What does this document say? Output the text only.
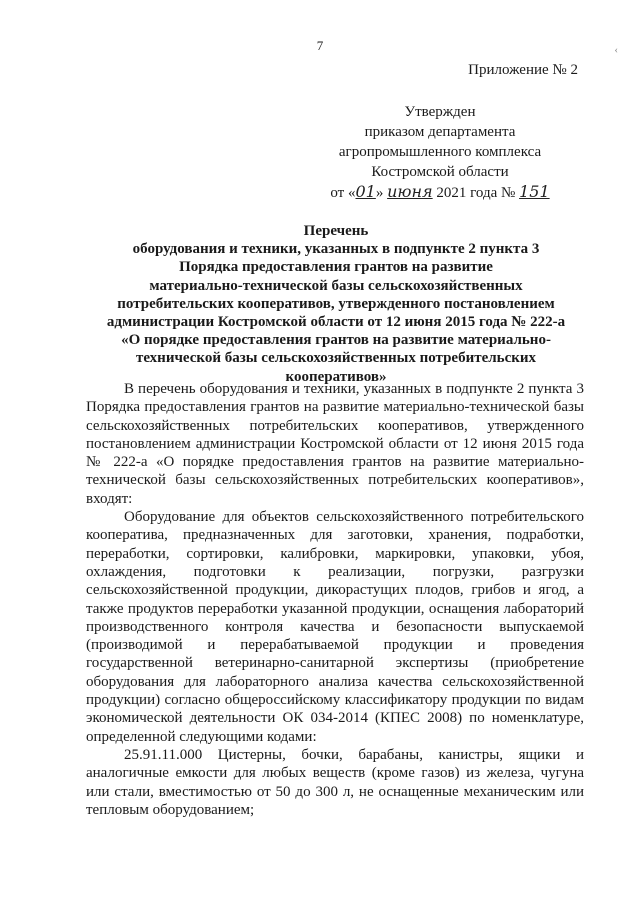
7	‹
Приложение № 2
Утвержден
приказом департамента
агропромышленного комплекса
Костромской области
от «01» июня 2021 года № 151
Перечень
оборудования и техники, указанных в подпункте 2 пункта 3
Порядка предоставления грантов на развитие
материально-технической базы сельскохозяйственных
потребительских кооперативов, утвержденного постановлением
администрации Костромской области от 12 июня 2015 года № 222-а
«О порядке предоставления грантов на развитие материально-
технической базы сельскохозяйственных потребительских
кооперативов»

В перечень оборудования и техники, указанных в подпункте 2 пункта 3 Порядка предоставления грантов на развитие материально-технической базы сельскохозяйственных потребительских кооперативов, утвержденного постановлением администрации Костромской области от 12 июня 2015 года № 222-а «О порядке предоставления грантов на развитие материально-технической базы сельскохозяйственных потребительских кооперативов», входят:

Оборудование для объектов сельскохозяйственного потребительского кооператива, предназначенных для заготовки, хранения, подработки, переработки, сортировки, калибровки, маркировки, упаковки, убоя, охлаждения, подготовки к реализации, погрузки, разгрузки сельскохозяйственной продукции, дикорастущих плодов, грибов и ягод, а также продуктов переработки указанной продукции, оснащения лабораторий производственного контроля качества и безопасности выпускаемой (производимой и перерабатываемой продукции и проведения государственной ветеринарно-санитарной экспертизы (приобретение оборудования для лабораторного анализа качества сельскохозяйственной продукции) согласно общероссийскому классификатору продукции по видам экономической деятельности ОК 034-2014 (КПЕС 2008) по номенклатуре, определенной следующими кодами:

25.91.11.000 Цистерны, бочки, барабаны, канистры, ящики и аналогичные емкости для любых веществ (кроме газов) из железа, чугуна или стали, вместимостью от 50 до 300 л, не оснащенные механическим или тепловым оборудованием;
